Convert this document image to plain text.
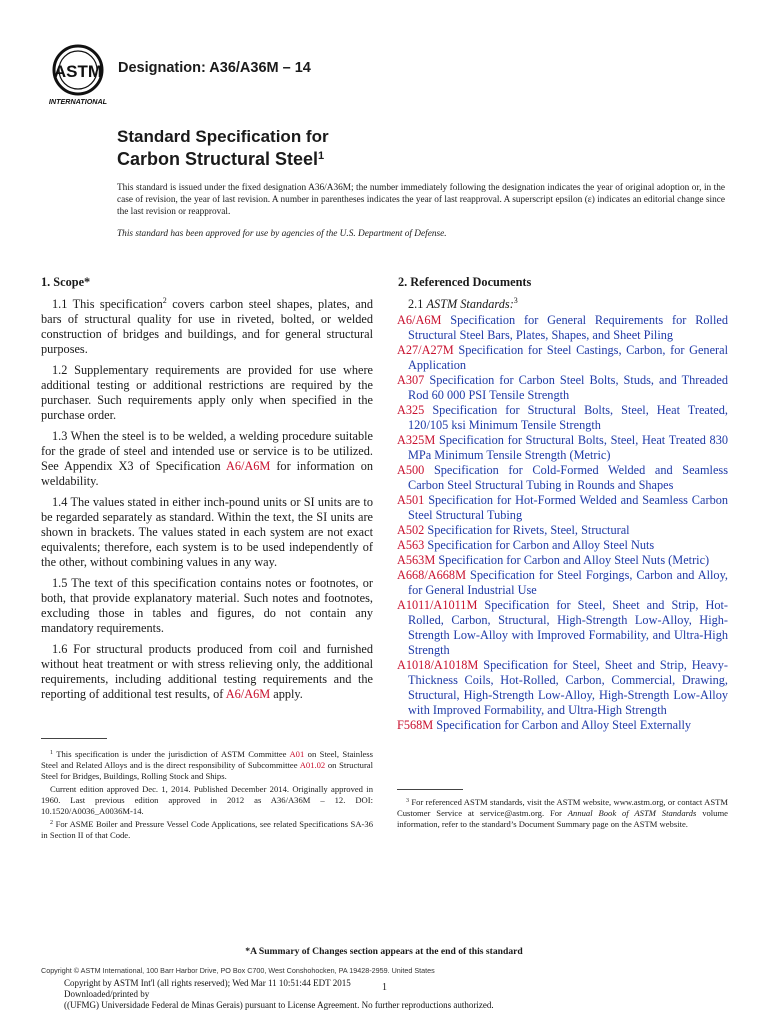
ASTM
INTERNATIONAL
Designation: A36/A36M – 14
Standard Specification for
Carbon Structural Steel$^1$
This standard is issued under the fixed designation A36/A36M; the number immediately following the designation indicates the year of original adoption or, in the case of revision, the year of last revision. A number in parentheses indicates the year of last reapproval. A superscript epsilon (ε) indicates an editorial change since the last revision or reapproval.
This standard has been approved for use by agencies of the U.S. Department of Defense.
1. Scope*

1.1 This specification$^2$ covers carbon steel shapes, plates, and bars of structural quality for use in riveted, bolted, or welded construction of bridges and buildings, and for general structural purposes.

1.2 Supplementary requirements are provided for use where additional testing or additional restrictions are required by the purchaser. Such requirements apply only when specified in the purchase order.

1.3 When the steel is to be welded, a welding procedure suitable for the grade of steel and intended use or service is to be utilized. See Appendix X3 of Specification A6/A6M for information on weldability.

1.4 The values stated in either inch-pound units or SI units are to be regarded separately as standard. Within the text, the SI units are shown in brackets. The values stated in each system are not exact equivalents; therefore, each system is to be used independently of the other, without combining values in any way.

1.5 The text of this specification contains notes or footnotes, or both, that provide explanatory material. Such notes and footnotes, excluding those in tables and figures, do not contain any mandatory requirements.

1.6 For structural products produced from coil and furnished without heat treatment or with stress relieving only, the additional requirements, including additional testing requirements and the reporting of additional test results, of A6/A6M apply.

2. Referenced Documents
2.1 ASTM Standards:$^3$

A6/A6M Specification for General Requirements for Rolled Structural Steel Bars, Plates, Shapes, and Sheet Piling

A27/A27M Specification for Steel Castings, Carbon, for General Application

A307 Specification for Carbon Steel Bolts, Studs, and Threaded Rod 60 000 PSI Tensile Strength

A325 Specification for Structural Bolts, Steel, Heat Treated, 120/105 ksi Minimum Tensile Strength

A325M Specification for Structural Bolts, Steel, Heat Treated 830 MPa Minimum Tensile Strength (Metric)

A500 Specification for Cold-Formed Welded and Seamless Carbon Steel Structural Tubing in Rounds and Shapes

A501 Specification for Hot-Formed Welded and Seamless Carbon Steel Structural Tubing

A502 Specification for Rivets, Steel, Structural

A563 Specification for Carbon and Alloy Steel Nuts

A563M Specification for Carbon and Alloy Steel Nuts (Metric)

A668/A668M Specification for Steel Forgings, Carbon and Alloy, for General Industrial Use

A1011/A1011M Specification for Steel, Sheet and Strip, Hot-Rolled, Carbon, Structural, High-Strength Low-Alloy, High-Strength Low-Alloy with Improved Formability, and Ultra-High Strength

A1018/A1018M Specification for Steel, Sheet and Strip, Heavy-Thickness Coils, Hot-Rolled, Carbon, Commercial, Drawing, Structural, High-Strength Low-Alloy, High-Strength Low-Alloy with Improved Formability, and Ultra-High Strength

F568M Specification for Carbon and Alloy Steel Externally

$^1$ This specification is under the jurisdiction of ASTM Committee A01 on Steel, Stainless Steel and Related Alloys and is the direct responsibility of Subcommittee A01.02 on Structural Steel for Bridges, Buildings, Rolling Stock and Ships.

Current edition approved Dec. 1, 2014. Published December 2014. Originally approved in 1960. Last previous edition approved in 2012 as A36/A36M – 12. DOI: 10.1520/A0036_A0036M-14.

$^2$ For ASME Boiler and Pressure Vessel Code Applications, see related Specifications SA-36 in Section II of that Code.

$^3$ For referenced ASTM standards, visit the ASTM website, www.astm.org, or contact ASTM Customer Service at service@astm.org. For Annual Book of ASTM Standards volume information, refer to the standard’s Document Summary page on the ASTM website.

*A Summary of Changes section appears at the end of this standard
Copyright © ASTM International, 100 Barr Harbor Drive, PO Box C700, West Conshohocken, PA 19428-2959. United States
Copyright by ASTM Int'l (all rights reserved); Wed Mar 11 10:51:44 EDT 2015
Downloaded/printed by
((UFMG) Universidade Federal de Minas Gerais) pursuant to License Agreement. No further reproductions authorized.
1
